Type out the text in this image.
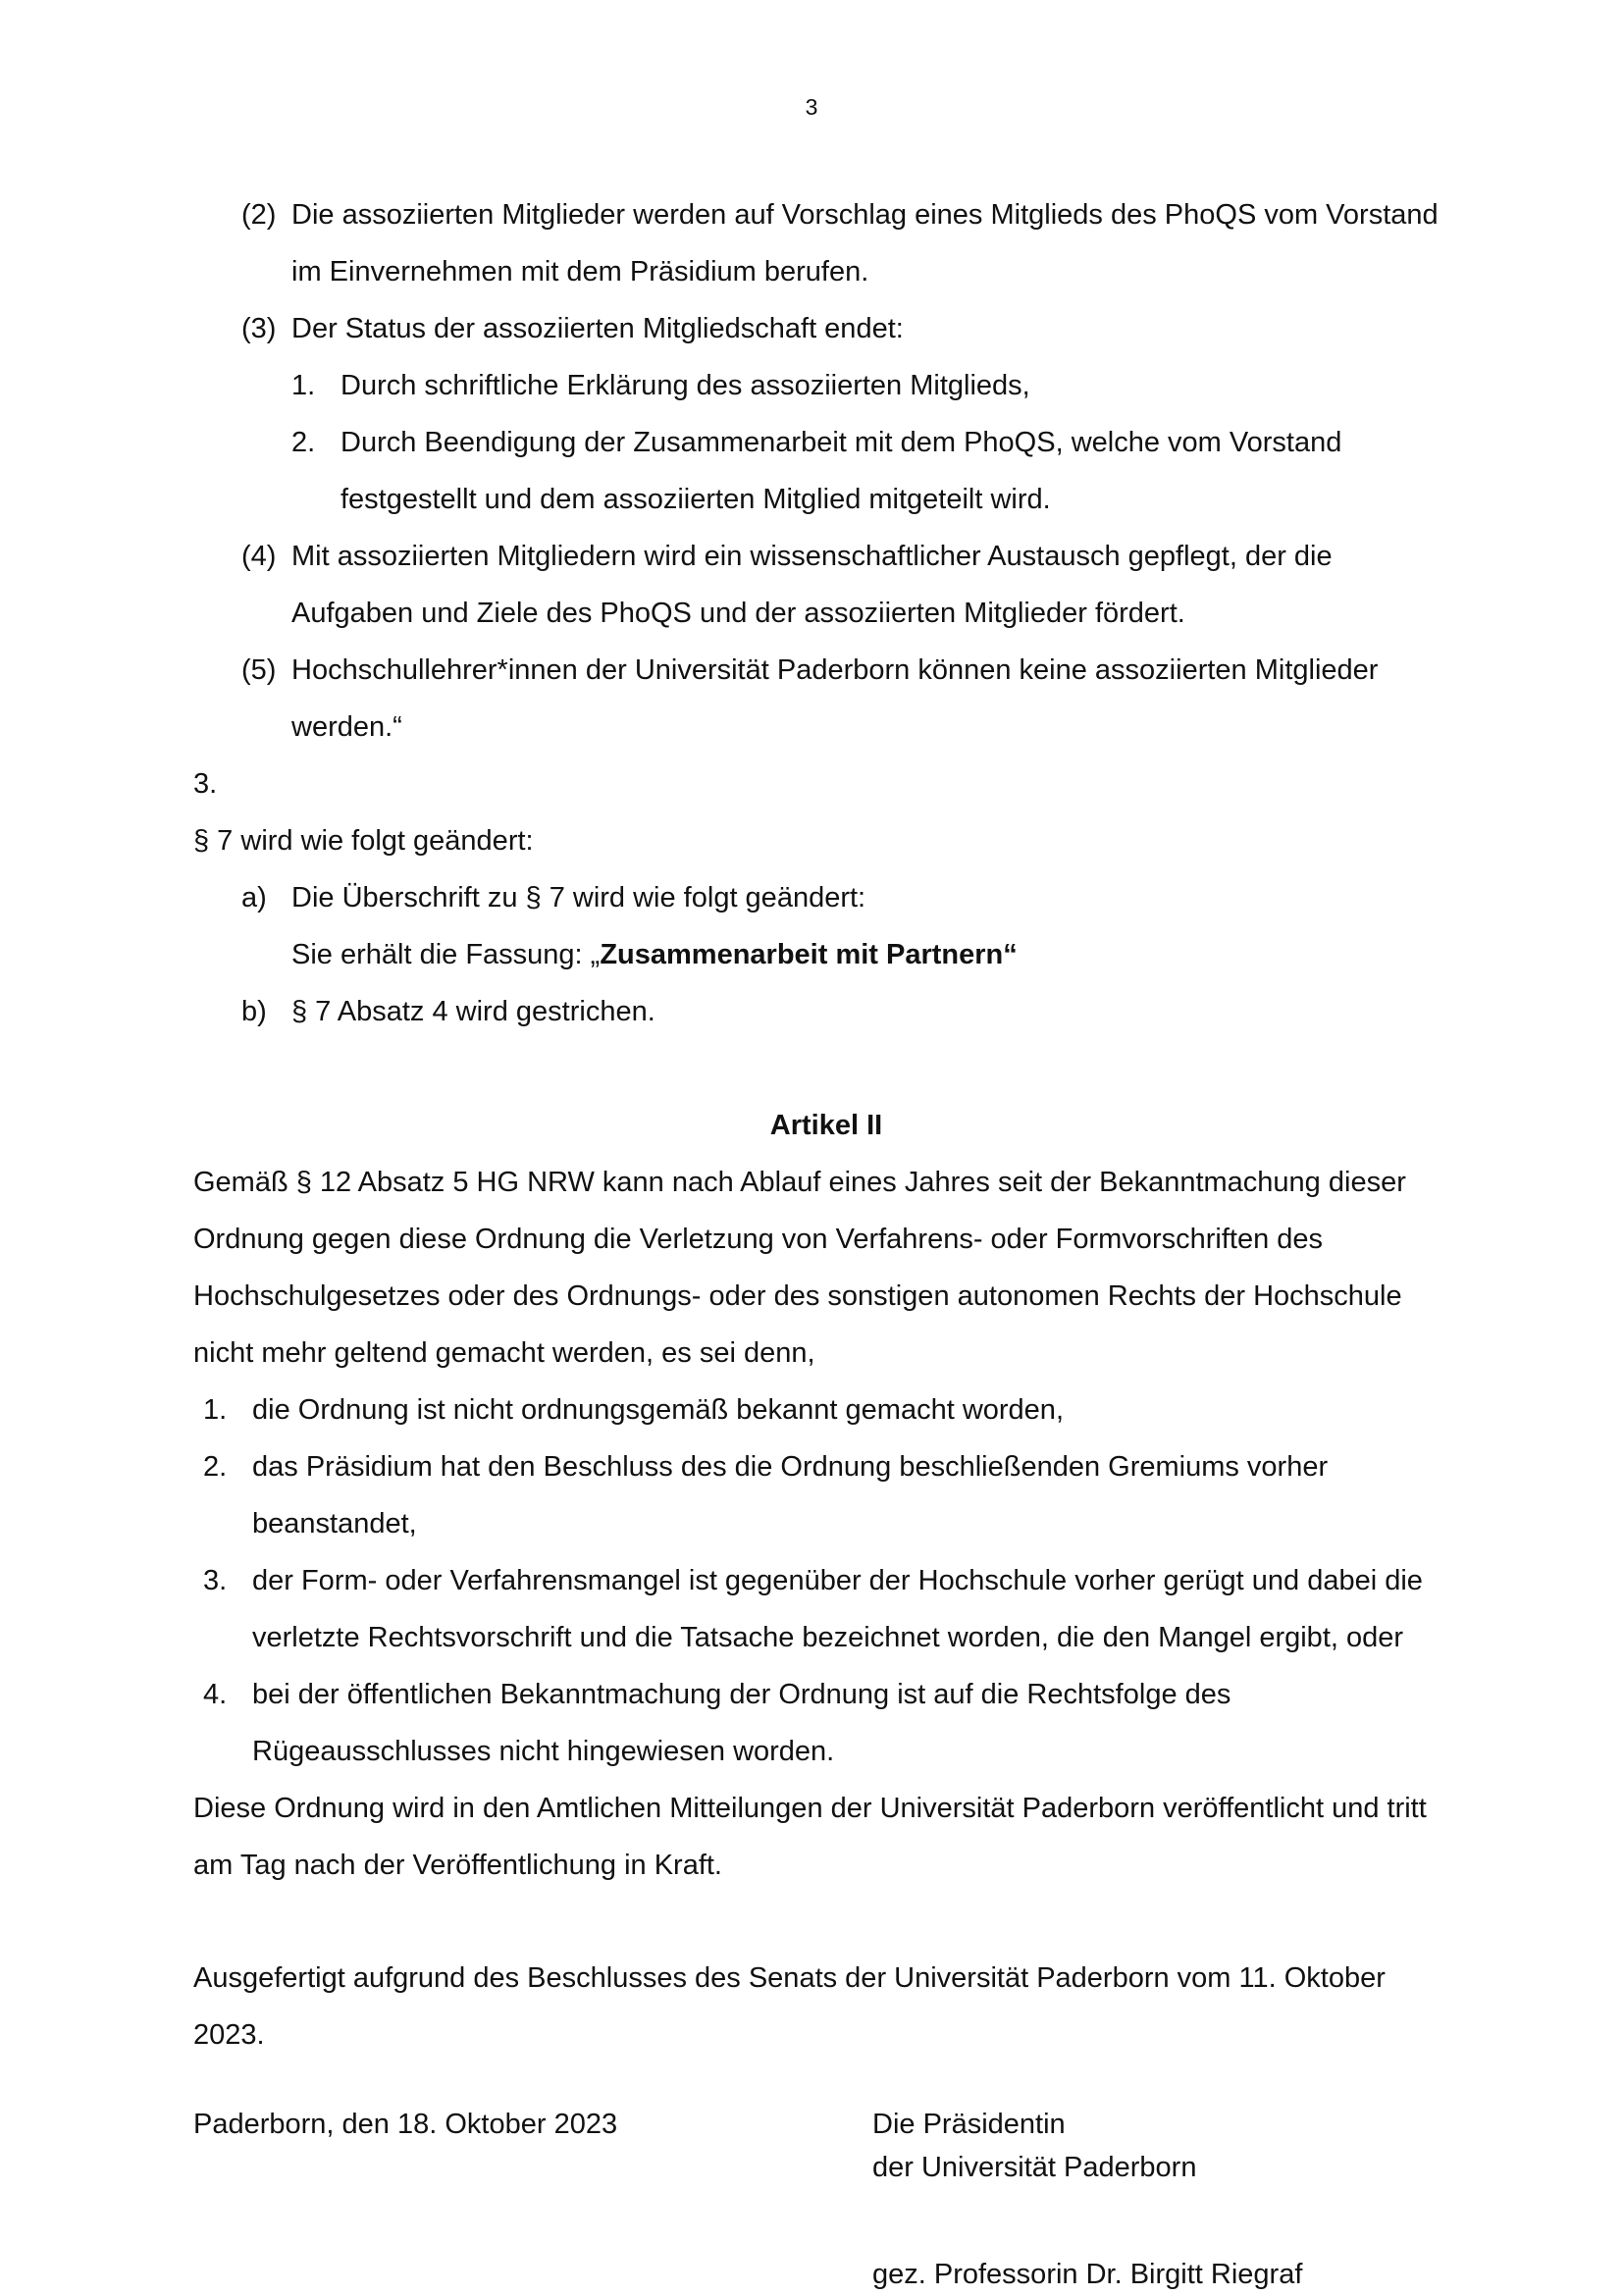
3
(2) Die assoziierten Mitglieder werden auf Vorschlag eines Mitglieds des PhoQS vom Vorstand im Einvernehmen mit dem Präsidium berufen.
(3) Der Status der assoziierten Mitgliedschaft endet:
1. Durch schriftliche Erklärung des assoziierten Mitglieds,
2. Durch Beendigung der Zusammenarbeit mit dem PhoQS, welche vom Vorstand festgestellt und dem assoziierten Mitglied mitgeteilt wird.
(4) Mit assoziierten Mitgliedern wird ein wissenschaftlicher Austausch gepflegt, der die Aufgaben und Ziele des PhoQS und der assoziierten Mitglieder fördert.
(5) Hochschullehrer*innen der Universität Paderborn können keine assoziierten Mitglieder werden.“
3.
§ 7 wird wie folgt geändert:
a) Die Überschrift zu § 7 wird wie folgt geändert:
Sie erhält die Fassung: „Zusammenarbeit mit Partnern“
b) § 7 Absatz 4 wird gestrichen.
Artikel II

Gemäß § 12 Absatz 5 HG NRW kann nach Ablauf eines Jahres seit der Bekanntmachung dieser Ordnung gegen diese Ordnung die Verletzung von Verfahrens- oder Formvorschriften des Hochschulgesetzes oder des Ordnungs- oder des sonstigen autonomen Rechts der Hochschule nicht mehr geltend gemacht werden, es sei denn,

1. die Ordnung ist nicht ordnungsgemäß bekannt gemacht worden,
2. das Präsidium hat den Beschluss des die Ordnung beschließenden Gremiums vorher beanstandet,
3. der Form- oder Verfahrensmangel ist gegenüber der Hochschule vorher gerügt und dabei die verletzte Rechtsvorschrift und die Tatsache bezeichnet worden, die den Mangel ergibt, oder
4. bei der öffentlichen Bekanntmachung der Ordnung ist auf die Rechtsfolge des Rügeausschlusses nicht hingewiesen worden.

Diese Ordnung wird in den Amtlichen Mitteilungen der Universität Paderborn veröffentlicht und tritt am Tag nach der Veröffentlichung in Kraft.

Ausgefertigt aufgrund des Beschlusses des Senats der Universität Paderborn vom 11. Oktober 2023.

Paderborn, den 18. Oktober 2023	Die Präsidentin
der Universität Paderborn
gez. Professorin Dr. Birgitt Riegraf
